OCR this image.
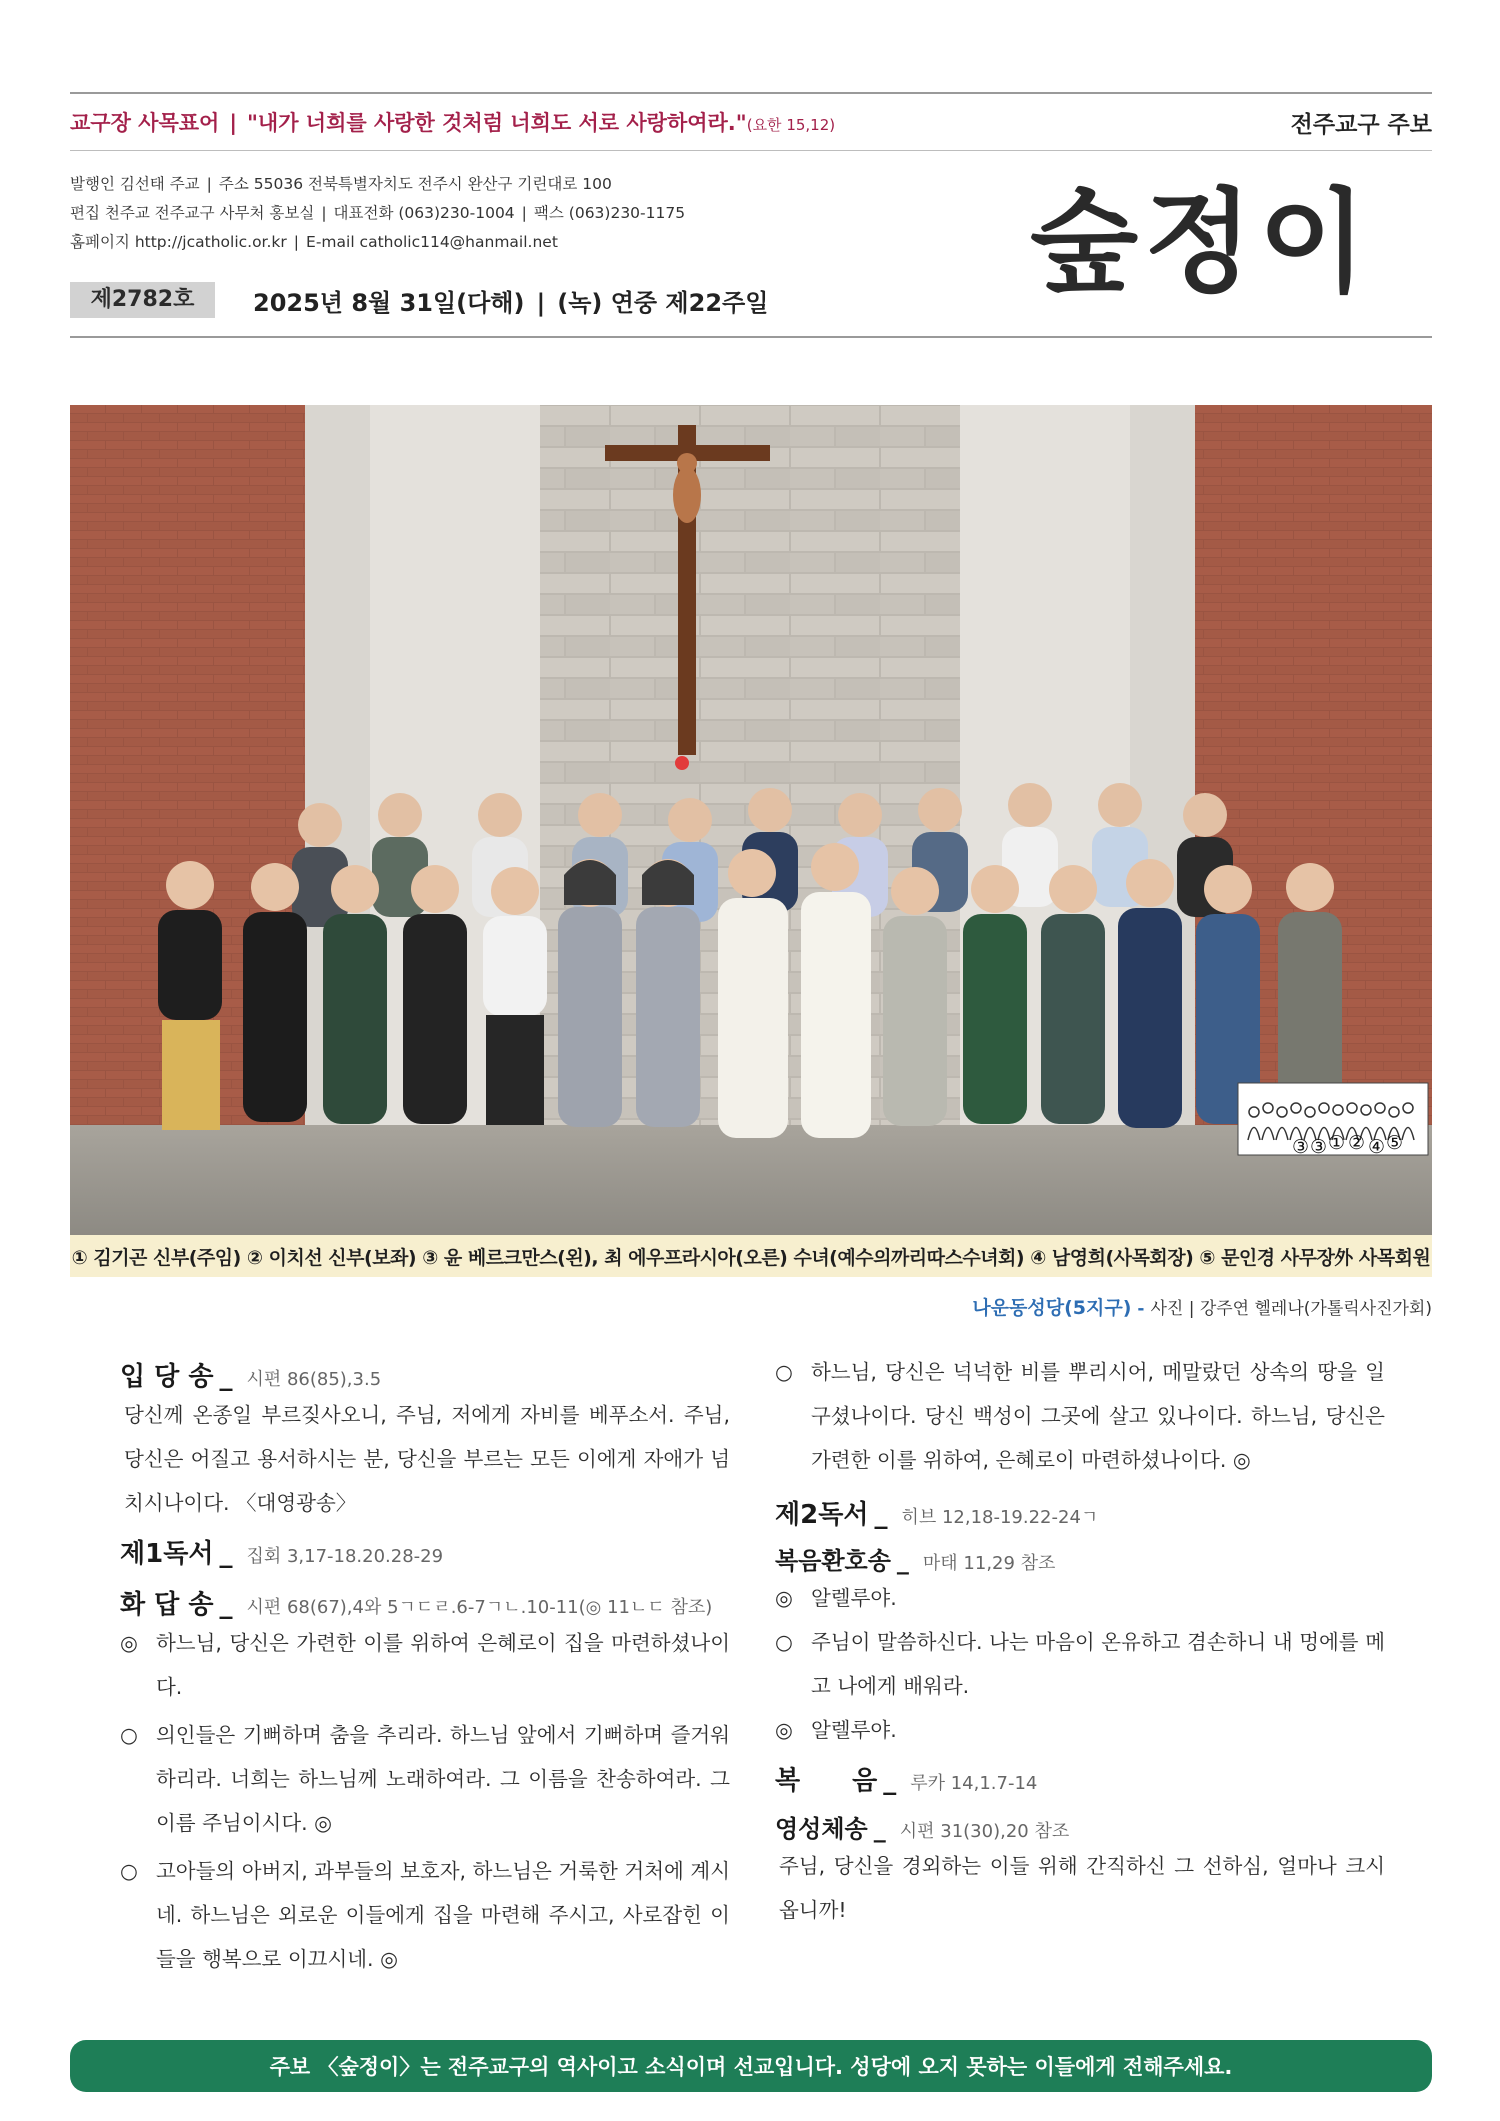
교구장 사목표어 | "내가 너희를 사랑한 것처럼 너희도 서로 사랑하여라."(요한 15,12)	전주교구 주보
발행인 김선태 주교 | 주소 55036 전북특별자치도 전주시 완산구 기린대로 100
편집 천주교 전주교구 사무처 홍보실 | 대표전화 (063)230-1004 | 팩스 (063)230-1175
홈페이지 http://jcatholic.or.kr | E-mail catholic114@hanmail.net	숲정이
제2782호	2025년 8월 31일(다해) | (녹) 연중 제22주일
③ ③ ① ② ④ ⑤
① 김기곤 신부(주임) ② 이치선 신부(보좌) ③ 윤 베르크만스(왼), 최 에우프라시아(오른) 수녀(예수의까리따스수녀회) ④ 남영희(사목회장) ⑤ 문인경 사무장外 사목회원
나운동성당(5지구) - 사진 | 강주연 헬레나(가톨릭사진가회)
입 당 송 _ 시편 86(85),3.5
당신께 온종일 부르짖사오니, 주님, 저에게 자비를 베푸소서. 주님, 당신은 어질고 용서하시는 분, 당신을 부르는 모든 이에게 자애가 넘치시나이다. 〈대영광송〉
제1독서 _ 집회 3,17-18.20.28-29
화 답 송 _ 시편 68(67),4와 5ㄱㄷㄹ.6-7ㄱㄴ.10-11(◎ 11ㄴㄷ 참조)
◎ 하느님, 당신은 가련한 이를 위하여 은혜로이 집을 마련하셨나이다.
○ 의인들은 기뻐하며 춤을 추리라. 하느님 앞에서 기뻐하며 즐거워하리라. 너희는 하느님께 노래하여라. 그 이름을 찬송하여라. 그 이름 주님이시다. ◎
○ 고아들의 아버지, 과부들의 보호자, 하느님은 거룩한 거처에 계시네. 하느님은 외로운 이들에게 집을 마련해 주시고, 사로잡힌 이들을 행복으로 이끄시네. ◎
○ 하느님, 당신은 넉넉한 비를 뿌리시어, 메말랐던 상속의 땅을 일구셨나이다. 당신 백성이 그곳에 살고 있나이다. 하느님, 당신은 가련한 이를 위하여, 은혜로이 마련하셨나이다. ◎
제2독서 _ 히브 12,18-19.22-24ㄱ
복음환호송 _ 마태 11,29 참조
◎ 알렐루야.
○ 주님이 말씀하신다. 나는 마음이 온유하고 겸손하니 내 멍에를 메고 나에게 배워라.
◎ 알렐루야.
복　　음 _ 루카 14,1.7-14
영성체송 _ 시편 31(30),20 참조
주님, 당신을 경외하는 이들 위해 간직하신 그 선하심, 얼마나 크시옵니까!
주보 〈숲정이〉는 전주교구의 역사이고 소식이며 선교입니다. 성당에 오지 못하는 이들에게 전해주세요.
